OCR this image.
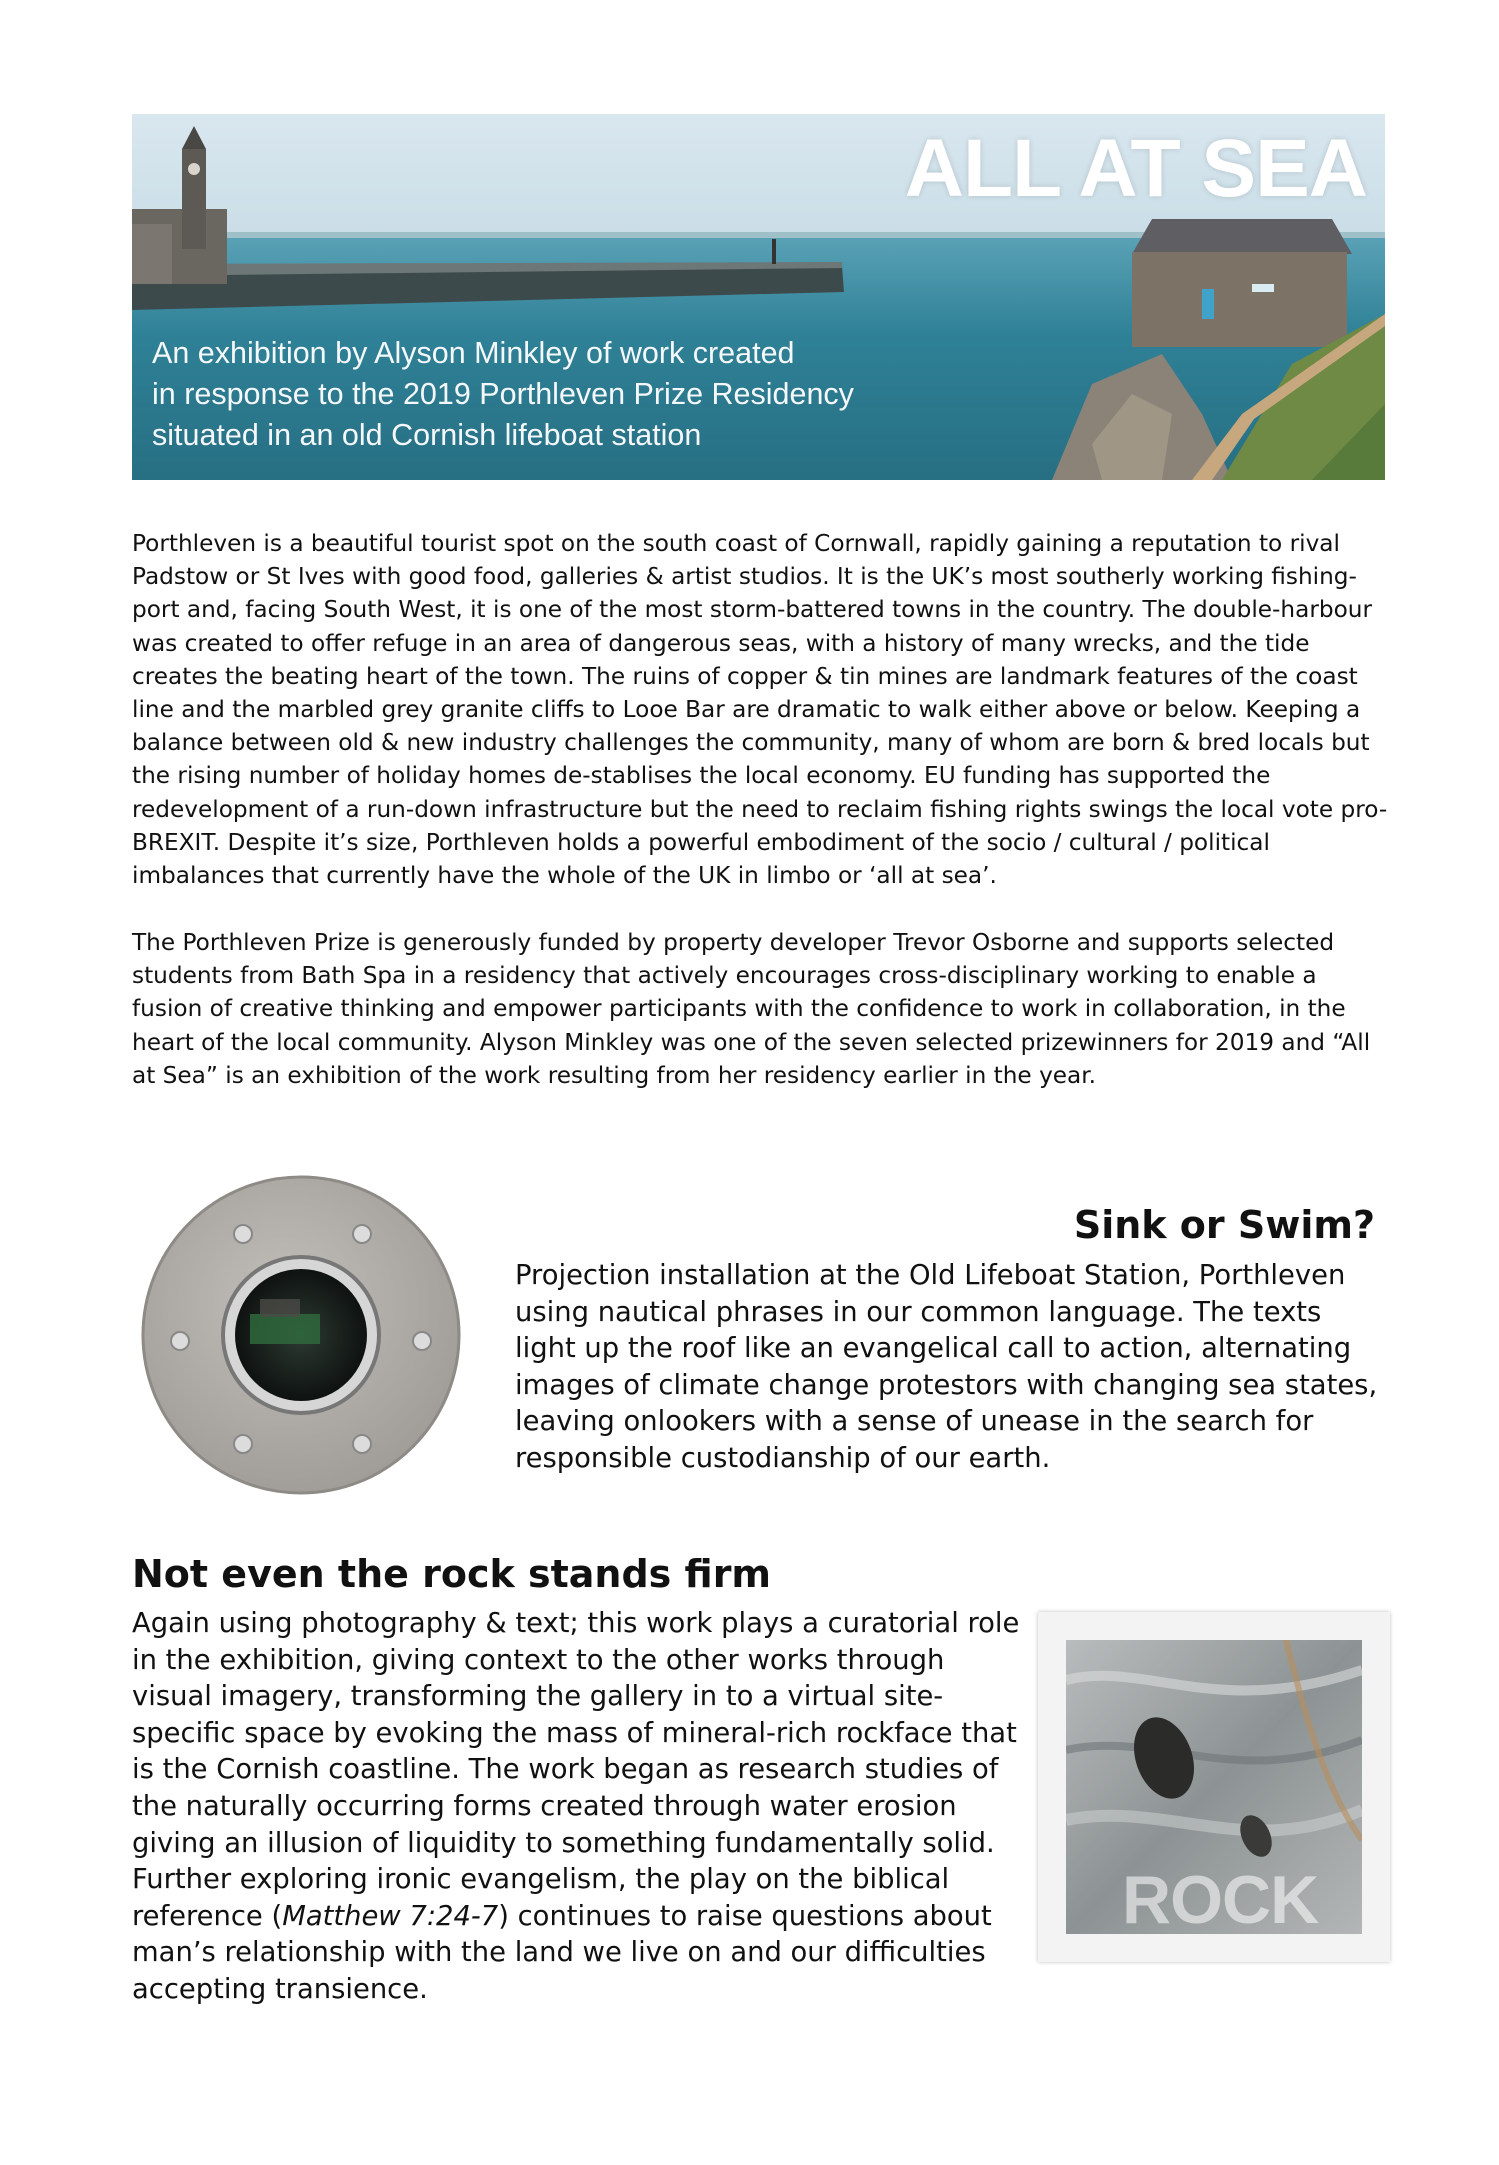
ALL AT SEA
An exhibition by Alyson Minkley of work created
in response to the 2019 Porthleven Prize Residency
situated in an old Cornish lifeboat station

Porthleven is a beautiful tourist spot on the south coast of Cornwall, rapidly gaining a reputation to rival Padstow or St Ives with good food, galleries & artist studios. It is the UK’s most southerly working fishing-port and, facing South West, it is one of the most storm-battered towns in the country. The double-harbour was created to offer refuge in an area of dangerous seas, with a history of many wrecks, and the tide creates the beating heart of the town. The ruins of copper & tin mines are landmark features of the coast line and the marbled grey granite cliffs to Looe Bar are dramatic to walk either above or below. Keeping a balance between old & new industry challenges the community, many of whom are born & bred locals but the rising number of holiday homes de-stablises the local economy. EU funding has supported the redevelopment of a run-down infrastructure but the need to reclaim fishing rights swings the local vote pro-BREXIT. Despite it’s size, Porthleven holds a powerful embodiment of the socio / cultural / political imbalances that currently have the whole of the UK in limbo or ‘all at sea’.

The Porthleven Prize is generously funded by property developer Trevor Osborne and supports selected students from Bath Spa in a residency that actively encourages cross-disciplinary working to enable a fusion of creative thinking and empower participants with the confidence to work in collaboration, in the heart of the local community. Alyson Minkley was one of the seven selected prizewinners for 2019 and “All at Sea” is an exhibition of the work resulting from her residency earlier in the year.

Sink or Swim?

Projection installation at the Old Lifeboat Station, Porthleven using nautical phrases in our common language. The texts light up the roof like an evangelical call to action, alternating images of climate change protestors with changing sea states, leaving onlookers with a sense of unease in the search for responsible custodianship of our earth.

Not even the rock stands firm

Again using photography & text; this work plays a curatorial role in the exhibition, giving context to the other works through visual imagery, transforming the gallery in to a virtual site-specific space by evoking the mass of mineral-rich rockface that is the Cornish coastline. The work began as research studies of the naturally occurring forms created through water erosion giving an illusion of liquidity to something fundamentally solid. Further exploring ironic evangelism, the play on the biblical reference (Matthew 7:24-7) continues to raise questions about man’s relationship with the land we live on and our difficulties accepting transience.

ROCK
